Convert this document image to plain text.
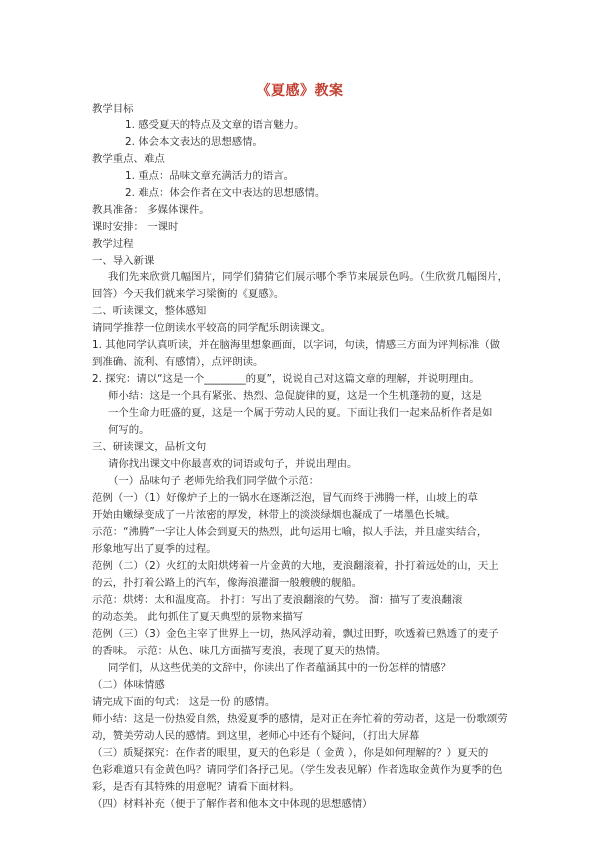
《夏感》教案
教学目标
1. 感受夏天的特点及文章的语言魅力。
2. 体会本文表达的思想感情。
教学重点、难点
1. 重点：品味文章充满活力的语言。
2. 难点：体会作者在文中表达的思想感情。
教具准备： 多媒体课件。
课时安排： 一课时
教学过程
一、导入新课
我们先来欣赏几幅图片，同学们猜猜它们展示哪个季节来展景色吗。（生欣赏几幅图片，
回答）今天我们就来学习梁衡的《夏感》。
二、听读课文，整体感知
请同学推荐一位朗读水平较高的同学配乐朗读课文。
1. 其他同学认真听读，并在脑海里想象画面，以字词，句读，情感三方面为评判标准（做
到准确、流利、有感情），点评朗读。
2. 探究：请以“这是一个________的夏”，说说自己对这篇文章的理解，并说明理由。
师小结：这是一个具有紧张、热烈、急促旋律的夏，这是一个生机蓬勃的夏，这是
一个生命力旺盛的夏，这是一个属于劳动人民的夏。下面让我们一起来品析作者是如
何写的。
三、研读课文，品析文句
请你找出课文中你最喜欢的词语或句子，并说出理由。
（一）品味句子 老师先给我们同学做个示范：
范例（一）（1）好像炉子上的一锅水在逐渐泛泡，冒气而终于沸腾一样，山坡上的草
开始由嫩绿变成了一片浓密的厚发，林带上的淡淡绿烟也凝成了一堵墨色长城。
示范：“沸腾”一字让人体会到夏天的热烈，此句运用七喻，拟人手法，并且虚实结合，
形象地写出了夏季的过程。
范例（二）（2）火红的太阳烘烤着一片金黄的大地，麦浪翻滚着，扑打着远处的山，天上
的云，扑打着公路上的汽车，像海浪灌溜一般艘艘的舰船。
示范：烘烤：太和温度高。 扑打：写出了麦浪翻滚的气势。 溜：描写了麦浪翻滚
的动态美。 此句抓住了夏天典型的景物来描写
范例（三）（3）金色主宰了世界上一切，热风浮动着，飘过田野，吹透着已熟透了的麦子
的香味。 示范：从色、味几方面描写麦浪，表现了夏天的热情。
同学们，从这些优美的文辞中，你读出了作者蕴涵其中的一份怎样的情感？
（二）体味情感
请完成下面的句式： 这是一份 的感情。
师小结：这是一份热爱自然，热爱夏季的感情，是对正在奔忙着的劳动者，这是一份歌颂劳
动，赞美劳动人民的感情。到这里，老师心中还有个疑问，（打出大屏幕
（三）质疑探究：在作者的眼里，夏天的色彩是（ 金黄 ），你是如何理解的？）夏天的
色彩难道只有金黄色吗？请同学们各抒己见。（学生发表见解）作者选取金黄作为夏季的色
彩，是否有其特殊的用意呢？请看下面材料。
（四）材料补充（便于了解作者和他本文中体现的思想感情）
